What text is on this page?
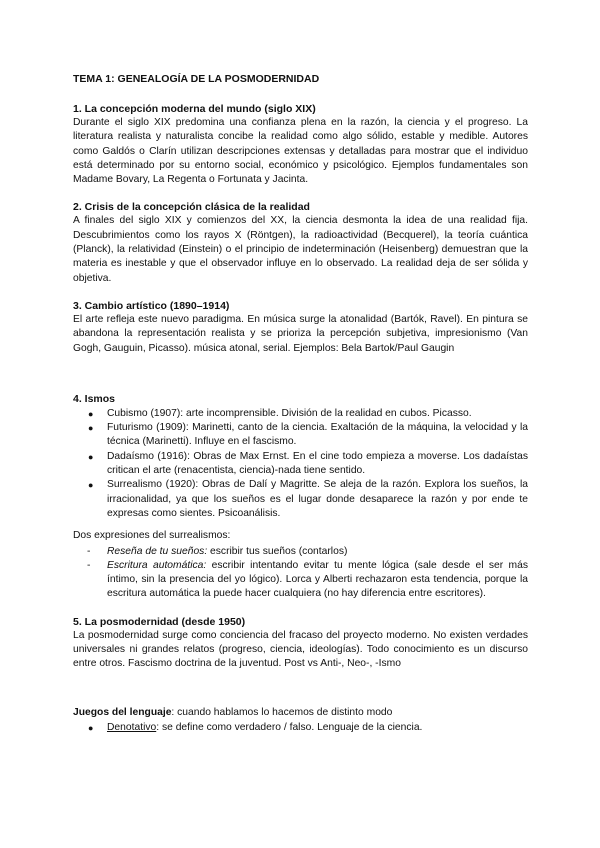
TEMA 1: GENEALOGÍA DE LA POSMODERNIDAD
1. La concepción moderna del mundo (siglo XIX)

Durante el siglo XIX predomina una confianza plena en la razón, la ciencia y el progreso. La literatura realista y naturalista concibe la realidad como algo sólido, estable y medible. Autores como Galdós o Clarín utilizan descripciones extensas y detalladas para mostrar que el individuo está determinado por su entorno social, económico y psicológico. Ejemplos fundamentales son Madame Bovary, La Regenta o Fortunata y Jacinta.

2. Crisis de la concepción clásica de la realidad

A finales del siglo XIX y comienzos del XX, la ciencia desmonta la idea de una realidad fija. Descubrimientos como los rayos X (Röntgen), la radioactividad (Becquerel), la teoría cuántica (Planck), la relatividad (Einstein) o el principio de indeterminación (Heisenberg) demuestran que la materia es inestable y que el observador influye en lo observado. La realidad deja de ser sólida y objetiva.

3. Cambio artístico (1890–1914)

El arte refleja este nuevo paradigma. En música surge la atonalidad (Bartók, Ravel). En pintura se abandona la representación realista y se prioriza la percepción subjetiva, impresionismo (Van Gogh, Gauguin, Picasso). música atonal, serial. Ejemplos: Bela Bartok/Paul Gaugin

4. Ismos
● Cubismo (1907): arte incomprensible. División de la realidad en cubos. Picasso.
● Futurismo (1909): Marinetti, canto de la ciencia. Exaltación de la máquina, la velocidad y la técnica (Marinetti). Influye en el fascismo.
● Dadaísmo (1916): Obras de Max Ernst. En el cine todo empieza a moverse. Los dadaístas critican el arte (renacentista, ciencia)-nada tiene sentido.
● Surrealismo (1920): Obras de Dalí y Magritte. Se aleja de la razón. Explora los sueños, la irracionalidad, ya que los sueños es el lugar donde desaparece la razón y por ende te expresas como sientes. Psicoanálisis.
Dos expresiones del surrealismos:
- Reseña de tu sueños: escribir tus sueños (contarlos)
- Escritura automática: escribir intentando evitar tu mente lógica (sale desde el ser más íntimo, sin la presencia del yo lógico). Lorca y Alberti rechazaron esta tendencia, porque la escritura automática la puede hacer cualquiera (no hay diferencia entre escritores).
5. La posmodernidad (desde 1950)

La posmodernidad surge como conciencia del fracaso del proyecto moderno. No existen verdades universales ni grandes relatos (progreso, ciencia, ideologías). Todo conocimiento es un discurso entre otros. Fascismo doctrina de la juventud. Post vs Anti-, Neo-, -Ismo

Juegos del lenguaje: cuando hablamos lo hacemos de distinto modo
● Denotativo: se define como verdadero / falso. Lenguaje de la ciencia.
